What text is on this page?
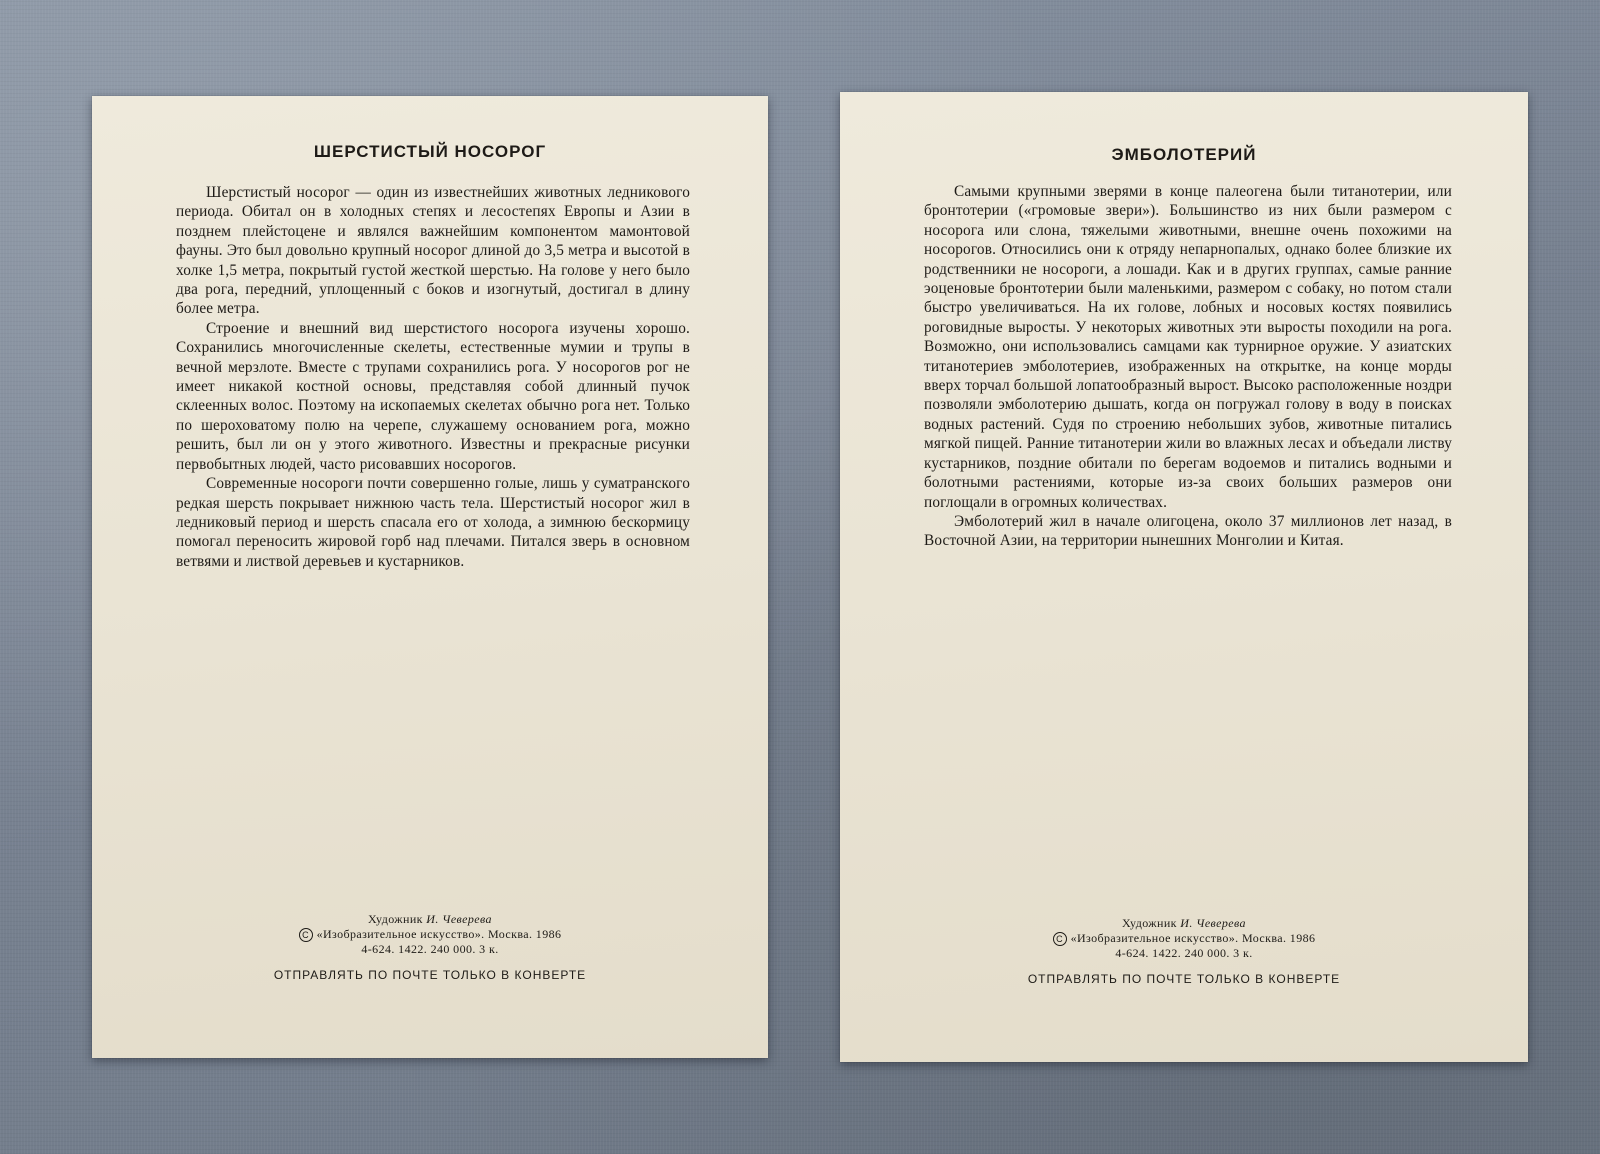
ШЕРСТИСТЫЙ НОСОРОГ

Шерстистый носорог — один из известнейших животных ледникового периода. Обитал он в холодных степях и лесостепях Европы и Азии в позднем плейстоцене и являлся важнейшим компонентом мамонтовой фауны. Это был довольно крупный носорог длиной до 3,5 метра и высотой в холке 1,5 метра, покрытый густой жесткой шерстью. На голове у него было два рога, передний, уплощенный с боков и изогнутый, достигал в длину более метра.

Строение и внешний вид шерстистого носорога изучены хорошо. Сохранились многочисленные скелеты, естественные мумии и трупы в вечной мерзлоте. Вместе с трупами сохранились рога. У носорогов рог не имеет никакой костной основы, представляя собой длинный пучок склеенных волос. Поэтому на ископаемых скелетах обычно рога нет. Только по шероховатому полю на черепе, служашему основанием рога, можно решить, был ли он у этого животного. Известны и прекрасные рисунки первобытных людей, часто рисовавших носорогов.

Современные носороги почти совершенно голые, лишь у суматранского редкая шерсть покрывает нижнюю часть тела. Шерстистый носорог жил в ледниковый период и шерсть спасала его от холода, а зимнюю бескормицу помогал переносить жировой горб над плечами. Питался зверь в основном ветвями и листвой деревьев и кустарников.

Художник И. Чеверева
C «Изобразительное искусство». Москва. 1986
4-624. 1422. 240 000. 3 к.
ОТПРАВЛЯТЬ ПО ПОЧТЕ ТОЛЬКО В КОНВЕРТЕ
ЭМБОЛОТЕРИЙ

Самыми крупными зверями в конце палеогена были титанотерии, или бронтотерии («громовые звери»). Большинство из них были размером с носорога или слона, тяжелыми животными, внешне очень похожими на носорогов. Относились они к отряду непарнопалых, однако более близкие их родственники не носороги, а лошади. Как и в других группах, самые ранние эоценовые бронтотерии были маленькими, размером с собаку, но потом стали быстро увеличиваться. На их голове, лобных и носовых костях появились роговидные выросты. У некоторых животных эти выросты походили на рога. Возможно, они использовались самцами как турнирное оружие. У азиатских титанотериев эмболотериев, изображенных на открытке, на конце морды вверх торчал большой лопатообразный вырост. Высоко расположенные ноздри позволяли эмболотерию дышать, когда он погружал голову в воду в поисках водных растений. Судя по строению небольших зубов, животные питались мягкой пищей. Ранние титанотерии жили во влажных лесах и объедали листву кустарников, поздние обитали по берегам водоемов и питались водными и болотными растениями, которые из-за своих больших размеров они поглощали в огромных количествах.

Эмболотерий жил в начале олигоцена, около 37 миллионов лет назад, в Восточной Азии, на территории нынешних Монголии и Китая.

Художник И. Чеверева
C «Изобразительное искусство». Москва. 1986
4-624. 1422. 240 000. 3 к.
ОТПРАВЛЯТЬ ПО ПОЧТЕ ТОЛЬКО В КОНВЕРТЕ
